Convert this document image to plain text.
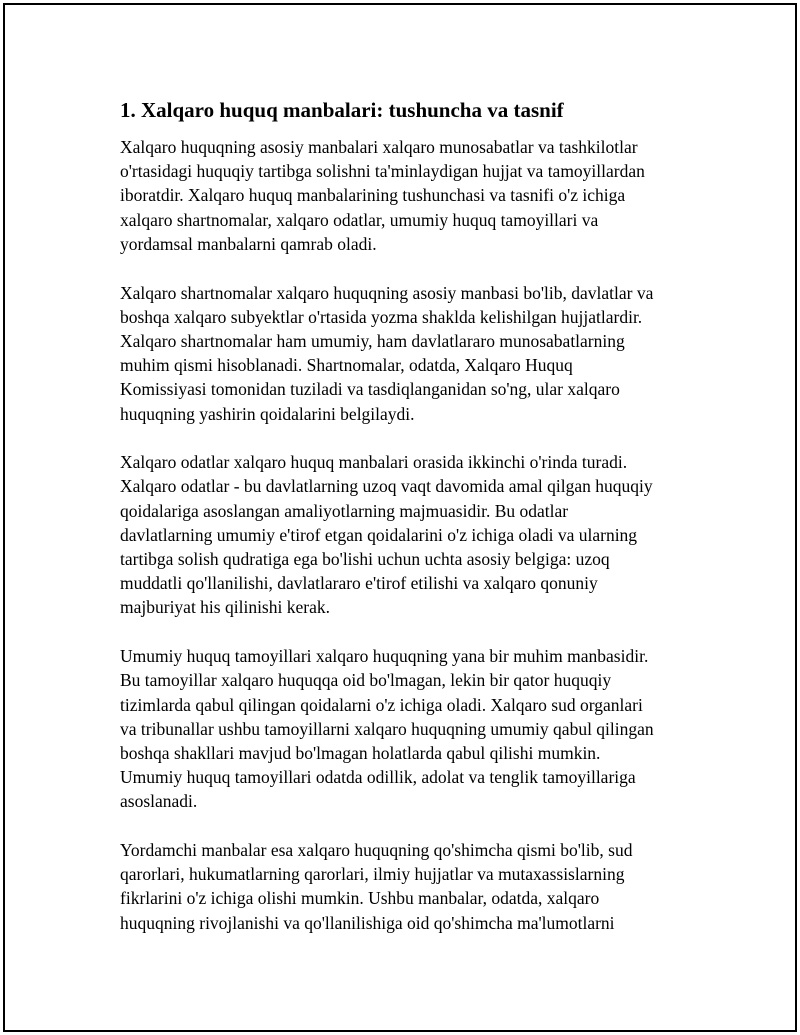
1. Xalqaro huquq manbalari: tushuncha va tasnif

Xalqaro huquqning asosiy manbalari xalqaro munosabatlar va tashkilotlar
o'rtasidagi huquqiy tartibga solishni ta'minlaydigan hujjat va tamoyillardan
iboratdir. Xalqaro huquq manbalarining tushunchasi va tasnifi o'z ichiga
xalqaro shartnomalar, xalqaro odatlar, umumiy huquq tamoyillari va
yordamsal manbalarni qamrab oladi.

Xalqaro shartnomalar xalqaro huquqning asosiy manbasi bo'lib, davlatlar va
boshqa xalqaro subyektlar o'rtasida yozma shaklda kelishilgan hujjatlardir.
Xalqaro shartnomalar ham umumiy, ham davlatlararo munosabatlarning
muhim qismi hisoblanadi. Shartnomalar, odatda, Xalqaro Huquq
Komissiyasi tomonidan tuziladi va tasdiqlanganidan so'ng, ular xalqaro
huquqning yashirin qoidalarini belgilaydi.

Xalqaro odatlar xalqaro huquq manbalari orasida ikkinchi o'rinda turadi.
Xalqaro odatlar - bu davlatlarning uzoq vaqt davomida amal qilgan huquqiy
qoidalariga asoslangan amaliyotlarning majmuasidir. Bu odatlar
davlatlarning umumiy e'tirof etgan qoidalarini o'z ichiga oladi va ularning
tartibga solish qudratiga ega bo'lishi uchun uchta asosiy belgiga: uzoq
muddatli qo'llanilishi, davlatlararo e'tirof etilishi va xalqaro qonuniy
majburiyat his qilinishi kerak.

Umumiy huquq tamoyillari xalqaro huquqning yana bir muhim manbasidir.
Bu tamoyillar xalqaro huquqqa oid bo'lmagan, lekin bir qator huquqiy
tizimlarda qabul qilingan qoidalarni o'z ichiga oladi. Xalqaro sud organlari
va tribunallar ushbu tamoyillarni xalqaro huquqning umumiy qabul qilingan
boshqa shakllari mavjud bo'lmagan holatlarda qabul qilishi mumkin.
Umumiy huquq tamoyillari odatda odillik, adolat va tenglik tamoyillariga
asoslanadi.

Yordamchi manbalar esa xalqaro huquqning qo'shimcha qismi bo'lib, sud
qarorlari, hukumatlarning qarorlari, ilmiy hujjatlar va mutaxassislarning
fikrlarini o'z ichiga olishi mumkin. Ushbu manbalar, odatda, xalqaro
huquqning rivojlanishi va qo'llanilishiga oid qo'shimcha ma'lumotlarni
